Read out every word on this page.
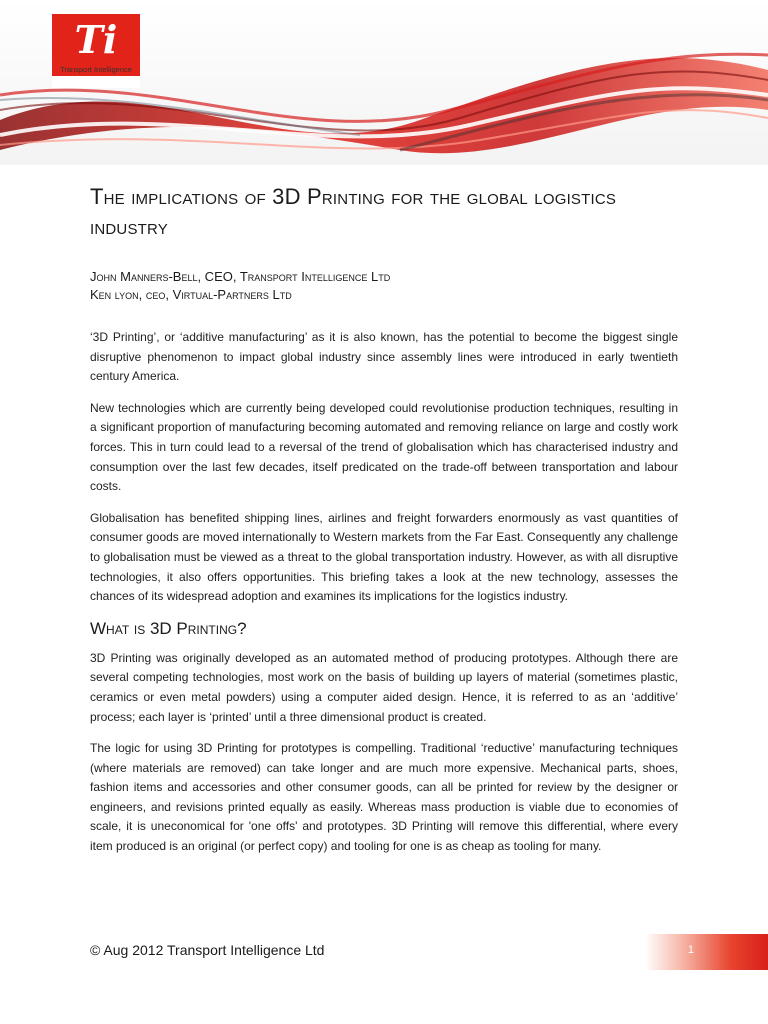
Ti
Transport Intelligence
The implications of 3D Printing for the global logistics industry
John Manners-Bell, CEO, Transport Intelligence Ltd
Ken lyon, ceo, Virtual-Partners Ltd

‘3D Printing’, or ‘additive manufacturing’ as it is also known, has the potential to become the biggest single disruptive phenomenon to impact global industry since assembly lines were introduced in early twentieth century America.

New technologies which are currently being developed could revolutionise production techniques, resulting in a significant proportion of manufacturing becoming automated and removing reliance on large and costly work forces. This in turn could lead to a reversal of the trend of globalisation which has characterised industry and consumption over the last few decades, itself predicated on the trade-off between transportation and labour costs.

Globalisation has benefited shipping lines, airlines and freight forwarders enormously as vast quantities of consumer goods are moved internationally to Western markets from the Far East. Consequently any challenge to globalisation must be viewed as a threat to the global transportation industry. However, as with all disruptive technologies, it also offers opportunities. This briefing takes a look at the new technology, assesses the chances of its widespread adoption and examines its implications for the logistics industry.

What is 3D Printing?

3D Printing was originally developed as an automated method of producing prototypes. Although there are several competing technologies, most work on the basis of building up layers of material (sometimes plastic, ceramics or even metal powders) using a computer aided design. Hence, it is referred to as an ‘additive’ process; each layer is ‘printed’ until a three dimensional product is created.

The logic for using 3D Printing for prototypes is compelling. Traditional ‘reductive’ manufacturing techniques (where materials are removed) can take longer and are much more expensive. Mechanical parts, shoes, fashion items and accessories and other consumer goods, can all be printed for review by the designer or engineers, and revisions printed equally as easily. Whereas mass production is viable due to economies of scale, it is uneconomical for 'one offs' and prototypes. 3D Printing will remove this differential, where every item produced is an original (or perfect copy) and tooling for one is as cheap as tooling for many.

© Aug 2012 Transport Intelligence Ltd	1
